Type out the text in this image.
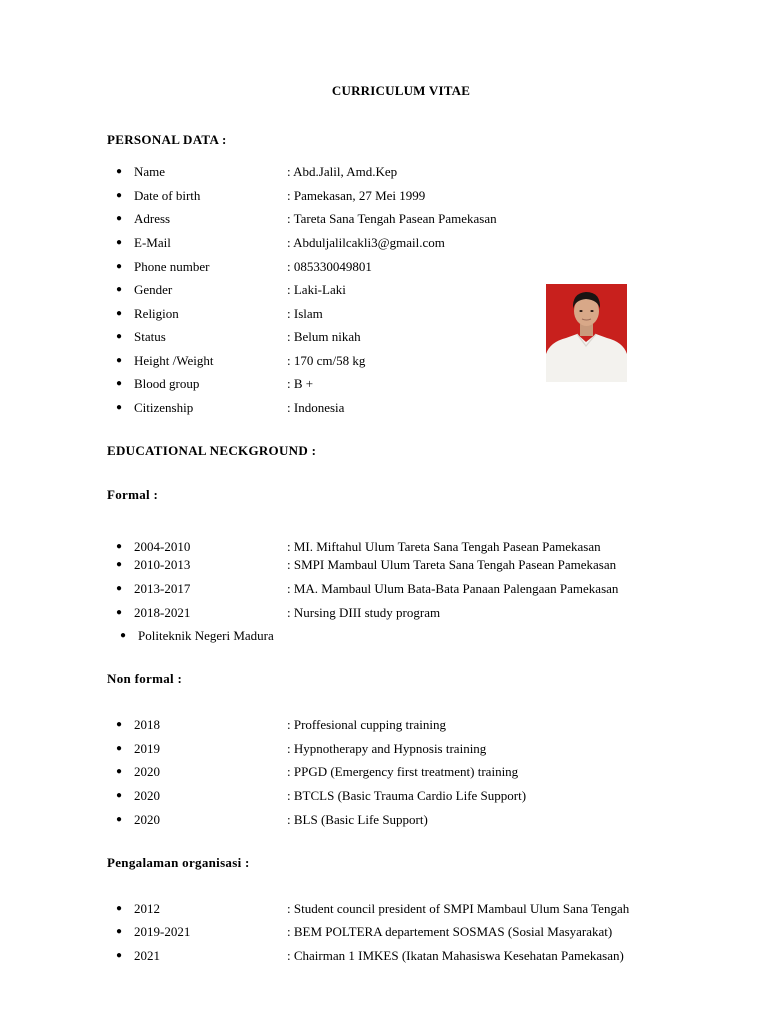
CURRICULUM VITAE
PERSONAL DATA :
● Name	: Abd.Jalil, Amd.Kep
● Date of birth	: Pamekasan, 27 Mei 1999
● Adress	: Tareta Sana Tengah Pasean Pamekasan
● E-Mail	: Abduljalilcakli3@gmail.com
● Phone number	: 085330049801
● Gender	: Laki-Laki
● Religion	: Islam
● Status	: Belum nikah
● Height /Weight	: 170 cm/58 kg
● Blood group	: B +
● Citizenship	: Indonesia
EDUCATIONAL NECKGROUND :
Formal :
● 2004-2010	: MI. Miftahul Ulum Tareta Sana Tengah Pasean Pamekasan
● 2010-2013	: SMPI Mambaul Ulum Tareta Sana Tengah Pasean Pamekasan
● 2013-2017	: MA. Mambaul Ulum Bata-Bata Panaan Palengaan Pamekasan
● 2018-2021	: Nursing DIII study program
● Politeknik Negeri Madura
Non formal :
● 2018	: Proffesional cupping training
● 2019	: Hypnotherapy and Hypnosis training
● 2020	: PPGD (Emergency first treatment) training
● 2020	: BTCLS (Basic Trauma Cardio Life Support)
● 2020	: BLS (Basic Life Support)
Pengalaman organisasi :
● 2012	: Student council president of SMPI Mambaul Ulum Sana Tengah
● 2019-2021	: BEM POLTERA departement SOSMAS (Sosial Masyarakat)
● 2021	: Chairman 1 IMKES (Ikatan Mahasiswa Kesehatan Pamekasan)
